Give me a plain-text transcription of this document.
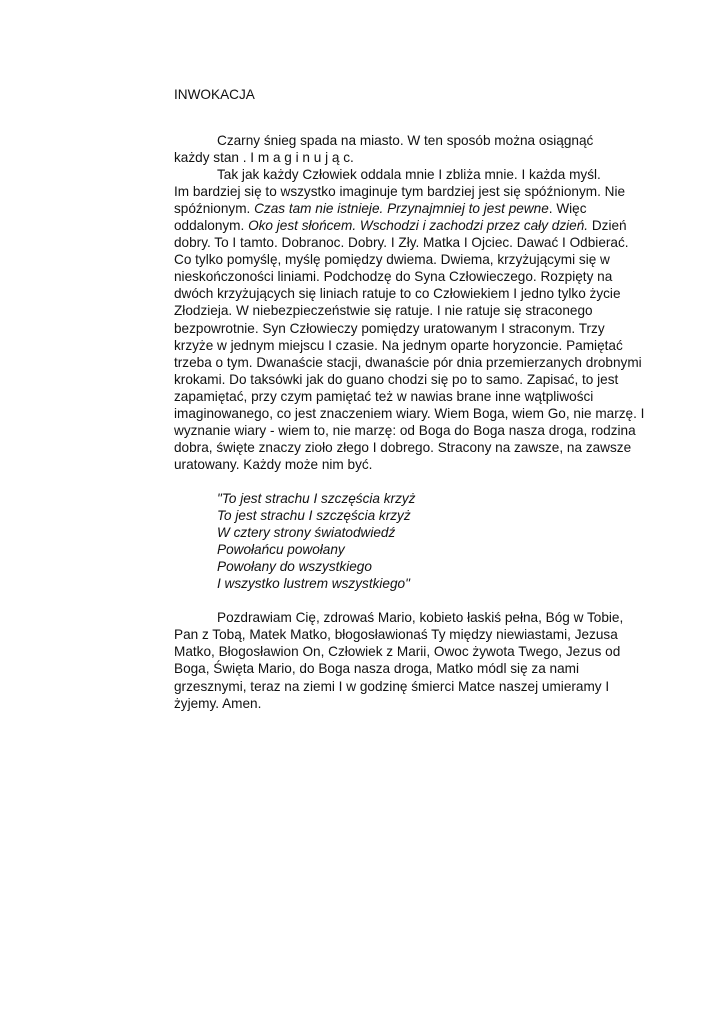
INWOKACJA
Czarny śnieg spada na miasto. W ten sposób można osiągnąć
każdy stan . I m a g i n u j ą c.
Tak jak każdy Człowiek oddala mnie I zbliża mnie. I każda myśl.
Im bardziej się to wszystko imaginuje tym bardziej jest się spóźnionym. Nie
spóźnionym. Czas tam nie istnieje. Przynajmniej to jest pewne. Więc
oddalonym. Oko jest słońcem. Wschodzi i zachodzi przez cały dzień. Dzień
dobry. To I tamto. Dobranoc. Dobry. I Zły. Matka I Ojciec. Dawać I Odbierać.
Co tylko pomyślę, myślę pomiędzy dwiema. Dwiema, krzyżującymi się w
nieskończoności liniami. Podchodzę do Syna Człowieczego. Rozpięty na
dwóch krzyżujących się liniach ratuje to co Człowiekiem I jedno tylko życie
Złodzieja. W niebezpieczeństwie się ratuje. I nie ratuje się straconego
bezpowrotnie. Syn Człowieczy pomiędzy uratowanym I straconym. Trzy
krzyże w jednym miejscu I czasie. Na jednym oparte horyzoncie. Pamiętać
trzeba o tym. Dwanaście stacji, dwanaście pór dnia przemierzanych drobnymi
krokami. Do taksówki jak do guano chodzi się po to samo. Zapisać, to jest
zapamiętać, przy czym pamiętać też w nawias brane inne wątpliwości
imaginowanego, co jest znaczeniem wiary. Wiem Boga, wiem Go, nie marzę. I
wyznanie wiary - wiem to, nie marzę: od Boga do Boga nasza droga, rodzina
dobra, święte znaczy zioło złego I dobrego. Stracony na zawsze, na zawsze
uratowany. Każdy może nim być.
"To jest strachu I szczęścia krzyż
To jest strachu I szczęścia krzyż
W cztery strony światodwiedź
Powołańcu powołany
Powołany do wszystkiego
I wszystko lustrem wszystkiego"
Pozdrawiam Cię, zdrowaś Mario, kobieto łaskiś pełna, Bóg w Tobie,
Pan z Tobą, Matek Matko, błogosławionaś Ty między niewiastami, Jezusa
Matko, Błogosławion On, Człowiek z Marii, Owoc żywota Twego, Jezus od
Boga, Święta Mario, do Boga nasza droga, Matko módl się za nami
grzesznymi, teraz na ziemi I w godzinę śmierci Matce naszej umieramy I
żyjemy. Amen.
